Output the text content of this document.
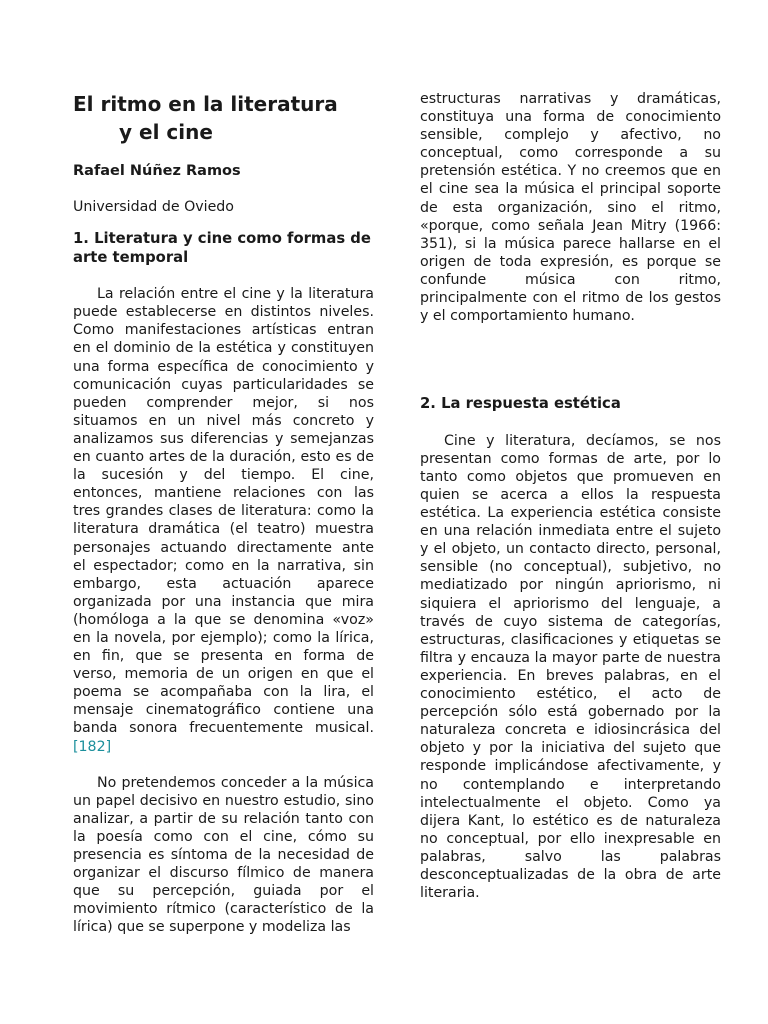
El ritmo en la literatura
y el cine

Rafael Núñez Ramos

Universidad de Oviedo

1. Literatura y cine como formas de arte temporal

La relación entre el cine y la literatura puede establecerse en distintos niveles. Como manifestaciones artísticas entran en el dominio de la estética y constituyen una forma específica de conocimiento y comunicación cuyas particularidades se pueden comprender mejor, si nos situamos en un nivel más concreto y analizamos sus diferencias y semejanzas en cuanto artes de la duración, esto es de la sucesión y del tiempo. El cine, entonces, mantiene relaciones con las tres grandes clases de literatura: como la literatura dramática (el teatro) muestra personajes actuando directamente ante el espectador; como en la narrativa, sin embargo, esta actuación aparece organizada por una instancia que mira (homóloga a la que se denomina «voz» en la novela, por ejemplo); como la lírica, en fin, que se presenta en forma de verso, memoria de un origen en que el poema se acompañaba con la lira, el mensaje cinematográfico contiene una banda sonora frecuentemente musical. [182]

No pretendemos conceder a la música un papel decisivo en nuestro estudio, sino analizar, a partir de su relación tanto con la poesía como con el cine, cómo su presencia es síntoma de la necesidad de organizar el discurso fílmico de manera que su percepción, guiada por el movimiento rítmico (característico de la lírica) que se superpone y modeliza las

estructuras narrativas y dramáticas, constituya una forma de conocimiento sensible, complejo y afectivo, no conceptual, como corresponde a su pretensión estética. Y no creemos que en el cine sea la música el principal soporte de esta organización, sino el ritmo, «porque, como señala Jean Mitry (1966: 351), si la música parece hallarse en el origen de toda expresión, es porque se confunde música con ritmo, principalmente con el ritmo de los gestos y el comportamiento humano.

2. La respuesta estética

Cine y literatura, decíamos, se nos presentan como formas de arte, por lo tanto como objetos que promueven en quien se acerca a ellos la respuesta estética. La experiencia estética consiste en una relación inmediata entre el sujeto y el objeto, un contacto directo, personal, sensible (no conceptual), subjetivo, no mediatizado por ningún apriorismo, ni siquiera el apriorismo del lenguaje, a través de cuyo sistema de categorías, estructuras, clasificaciones y etiquetas se filtra y encauza la mayor parte de nuestra experiencia. En breves palabras, en el conocimiento estético, el acto de percepción sólo está gobernado por la naturaleza concreta e idiosincrásica del objeto y por la iniciativa del sujeto que responde implicándose afectivamente, y no contemplando e interpretando intelectualmente el objeto. Como ya dijera Kant, lo estético es de naturaleza no conceptual, por ello inexpresable en palabras, salvo las palabras desconceptualizadas de la obra de arte literaria.
